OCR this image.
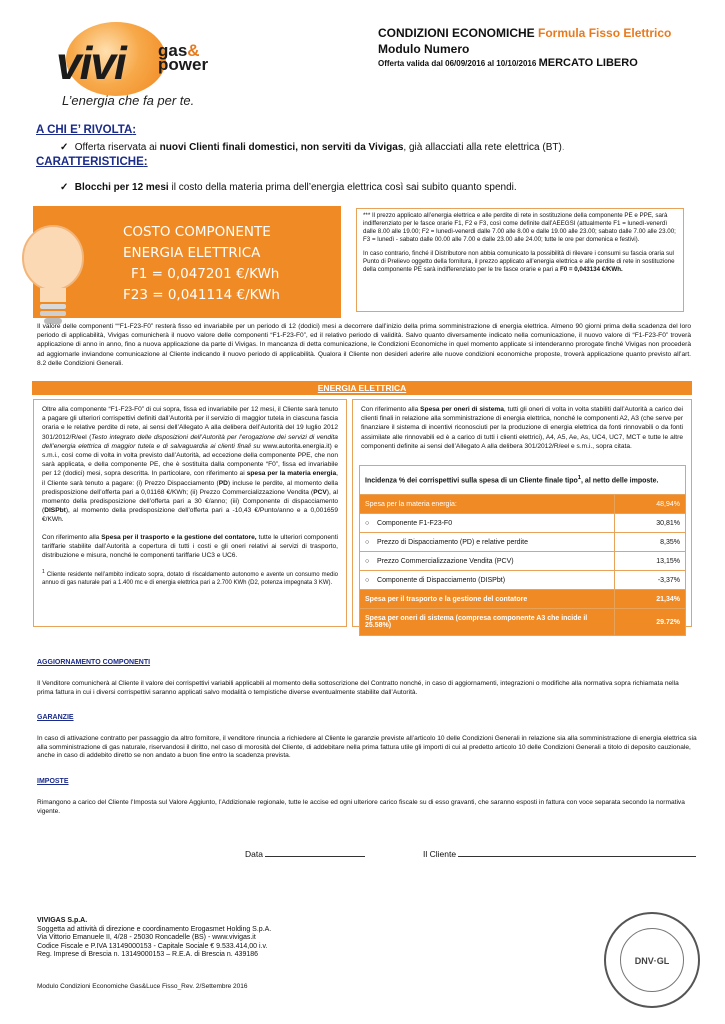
vivi gas&
power
L’energia che fa per te.
CONDIZIONI ECONOMICHE Formula Fisso Elettrico
Modulo Numero
Offerta valida dal 06/09/2016 al 10/10/2016 MERCATO LIBERO
A CHI E’ RIVOLTA:
✓ Offerta riservata ai nuovi Clienti finali domestici, non serviti da Vivigas, già allacciati alla rete elettrica (BT).
CARATTERISTICHE:
✓ Blocchi per 12 mesi il costo della materia prima dell’energia elettrica così sai subito quanto spendi.
COSTO COMPONENTE
ENERGIA ELETTRICA
F1 = 0,047201 €/KWh
F23 = 0,041114 €/KWh
*** Il prezzo applicato all’energia elettrica e alle perdite di rete in sostituzione della componente PE e PPE, sarà indifferenziato per le fasce orarie F1, F2 e F3, così come definite dall’AEEGSI (attualmente F1 = lunedì-venerdì dalle 8.00 alle 19.00; F2 = lunedì-venerdì dalle 7.00 alle 8.00 e dalle 19.00 alle 23.00; sabato dalle 7.00 alle 23.00; F3 = lunedì - sabato dalle 00.00 alle 7.00 e dalle 23.00 alle 24.00; tutte le ore per domenica e festivi).
In caso contrario, finché il Distributore non abbia comunicato la possibilità di rilevare i consumi su fascia oraria sul Punto di Prelievo oggetto della fornitura, il prezzo applicato all’energia elettrica e alle perdite di rete in sostituzione della componente PE sarà indifferenziato per le tre fasce orarie e pari a F0 = 0,043134 €/KWh.
Il valore delle componenti ““F1-F23-F0” resterà fisso ed invariabile per un periodo di 12 (dodici) mesi a decorrere dall’inizio della prima somministrazione di energia elettrica. Almeno 90 giorni prima della scadenza del loro periodo di applicabilità, Vivigas comunicherà il nuovo valore delle componenti “F1-F23-F0”, ed il relativo periodo di validità. Salvo quanto diversamente indicato nella comunicazione, il nuovo valore di “F1-F23-F0” troverà applicazione di anno in anno, fino a nuova applicazione da parte di Vivigas. In mancanza di detta comunicazione, le Condizioni Economiche in quel momento applicate si intenderanno prorogate finché Vivigas non procederà ad aggiornarle inviandone comunicazione al Cliente indicando il nuovo periodo di applicabilità. Qualora il Cliente non desideri aderire alle nuove condizioni economiche proposte, troverà applicazione quanto previsto all’art. 8.2 delle Condizioni Generali.
ENERGIA ELETTRICA
Oltre alla componente “F1-F23-F0” di cui sopra, fissa ed invariabile per 12 mesi, il Cliente sarà tenuto a pagare gli ulteriori corrispettivi definiti dall’Autorità per il servizio di maggior tutela in ciascuna fascia oraria e le relative perdite di rete, ai sensi dell’Allegato A alla delibera dell’Autorità del 19 luglio 2012 301/2012/R/eel (Testo integrato delle disposizioni dell’Autorità per l’erogazione dei servizi di vendita dell’energia elettrica di maggior tutela e di salvaguardia ai clienti finali su www.autorita.energia.it) e s.m.i., così come di volta in volta previsto dall’Autorità, ad eccezione della componente PPE, che non sarà applicata, e della componente PE, che è sostituita dalla componente “F0”, fissa ed invariabile per 12 (dodici) mesi, sopra descritta. In particolare, con riferimento ai spesa per la materia energia, il Cliente sarà tenuto a pagare: (i) Prezzo Dispacciamento (PD) incluse le perdite, al momento della predisposizione dell’offerta pari a 0,01168 €/KWh; (ii) Prezzo Commercializzazione Vendita (PCV), al momento della predisposizione dell’offerta pari a 30 €/anno; (iii) Componente di dispacciamento (DISPbt), al momento della predisposizione dell’offerta pari a -10,43 €/Punto/anno e a 0,001659 €/KWh.
Con riferimento alla Spesa per il trasporto e la gestione del contatore, tutte le ulteriori componenti tariffarie stabilite dall’Autorità a copertura di tutti i costi e gli oneri relativi ai servizi di trasporto, distribuzione e misura, nonché le componenti tariffarie UC3 e UC6.
$^1$ Cliente residente nell’ambito indicato sopra, dotato di riscaldamento autonomo e avente un consumo medio annuo di gas naturale pari a 1.400 mc e di energia elettrica pari a 2.700 KWh (D2, potenza impegnata 3 KW).
Con riferimento alla Spesa per oneri di sistema, tutti gli oneri di volta in volta stabiliti dall’Autorità a carico dei clienti finali in relazione alla somministrazione di energia elettrica, nonché le componenti A2, A3 (che serve per finanziare il sistema di incentivi riconosciuti per la produzione di energia elettrica da fonti rinnovabili o da fonti assimilate alle rinnovabili ed è a carico di tutti i clienti elettrici), A4, A5, Ae, As, UC4, UC7, MCT e tutte le altre componenti definite ai sensi dell’Allegato A alla delibera 301/2012/R/eel e s.m.i., sopra citata.
Incidenza % dei corrispettivi sulla spesa di un Cliente finale tipo$^1$, al netto delle imposte.	
Spesa per la materia energia:	48,94%
○ Componente F1-F23-F0	30,81%
○ Prezzo di Dispacciamento (PD) e relative perdite	8,35%
○ Prezzo Commercializzazione Vendita (PCV)	13,15%
○ Componente di Dispacciamento (DISPbt)	-3,37%
Spesa per il trasporto e la gestione del contatore	21,34%
Spesa per oneri di sistema (compresa componente A3 che incide il 25.58%)	29.72%
AGGIORNAMENTO COMPONENTI
Il Venditore comunicherà al Cliente il valore dei corrispettivi variabili applicabili al momento della sottoscrizione del Contratto nonché, in caso di aggiornamenti, integrazioni o modifiche alla normativa sopra richiamata nella prima fattura in cui i diversi corrispettivi saranno applicati salvo modalità o tempistiche diverse eventualmente stabilite dall’Autorità.
GARANZIE
In caso di attivazione contratto per passaggio da altro fornitore, il venditore rinuncia a richiedere al Cliente le garanzie previste all’articolo 10 delle Condizioni Generali in relazione sia alla somministrazione di energia elettrica sia alla somministrazione di gas naturale, riservandosi il diritto, nel caso di morosità del Cliente, di addebitare nella prima fattura utile gli importi di cui al predetto articolo 10 delle Condizioni Generali a titolo di deposito cauzionale, anche in caso di addebito diretto se non andato a buon fine entro la scadenza prevista.
IMPOSTE
Rimangono a carico del Cliente l’Imposta sul Valore Aggiunto, l’Addizionale regionale, tutte le accise ed ogni ulteriore carico fiscale su di esso gravanti, che saranno esposti in fattura con voce separata secondo la normativa vigente.
Data	Il Cliente
VIVIGAS S.p.A.
Soggetta ad attività di direzione e coordinamento Erogasmet Holding S.p.A.
Via Vittorio Emanuele II, 4/28 - 25030 Roncadelle (BS) - www.vivigas.it
Codice Fiscale e P.IVA 13149000153 - Capitale Sociale € 9.533.414,00 i.v.
Reg. Imprese di Brescia n. 13149000153 – R.E.A. di Brescia n. 439186
Modulo Condizioni Economiche Gas&Luce Fisso_Rev. 2/Settembre 2016
DNV·GL
